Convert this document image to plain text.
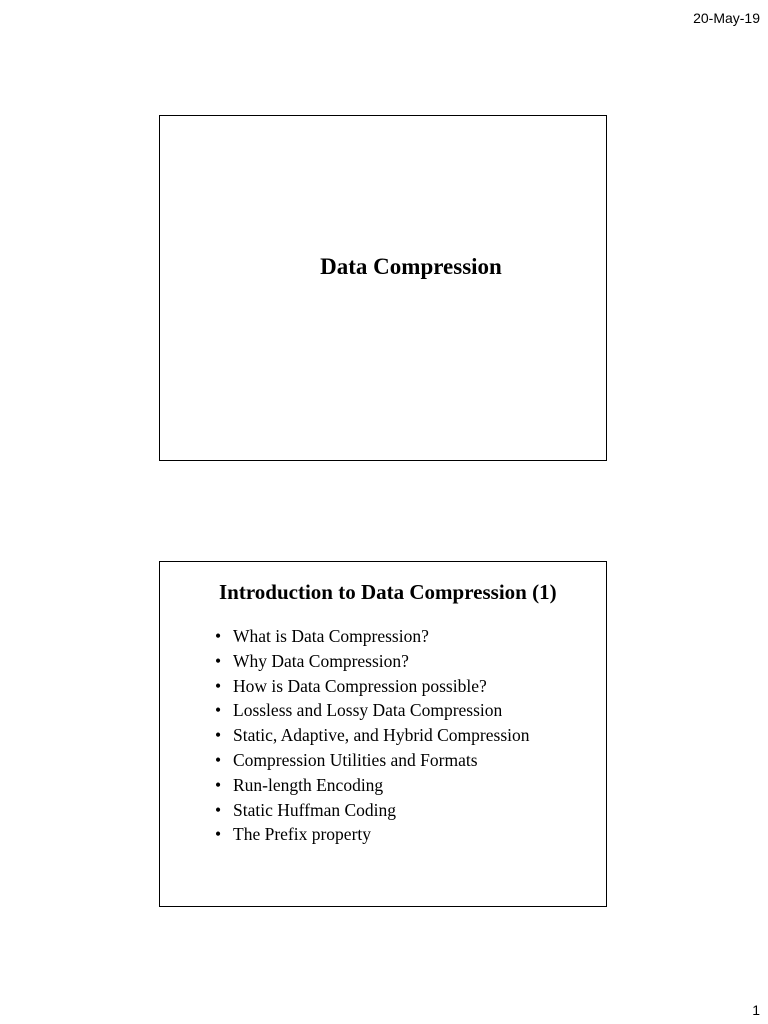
20-May-19
Data Compression
Introduction to Data Compression (1)
• What is Data Compression?
• Why Data Compression?
• How is Data Compression possible?
• Lossless and Lossy Data Compression
• Static, Adaptive, and Hybrid Compression
• Compression Utilities and Formats
• Run-length Encoding
• Static Huffman Coding
• The Prefix property
1
